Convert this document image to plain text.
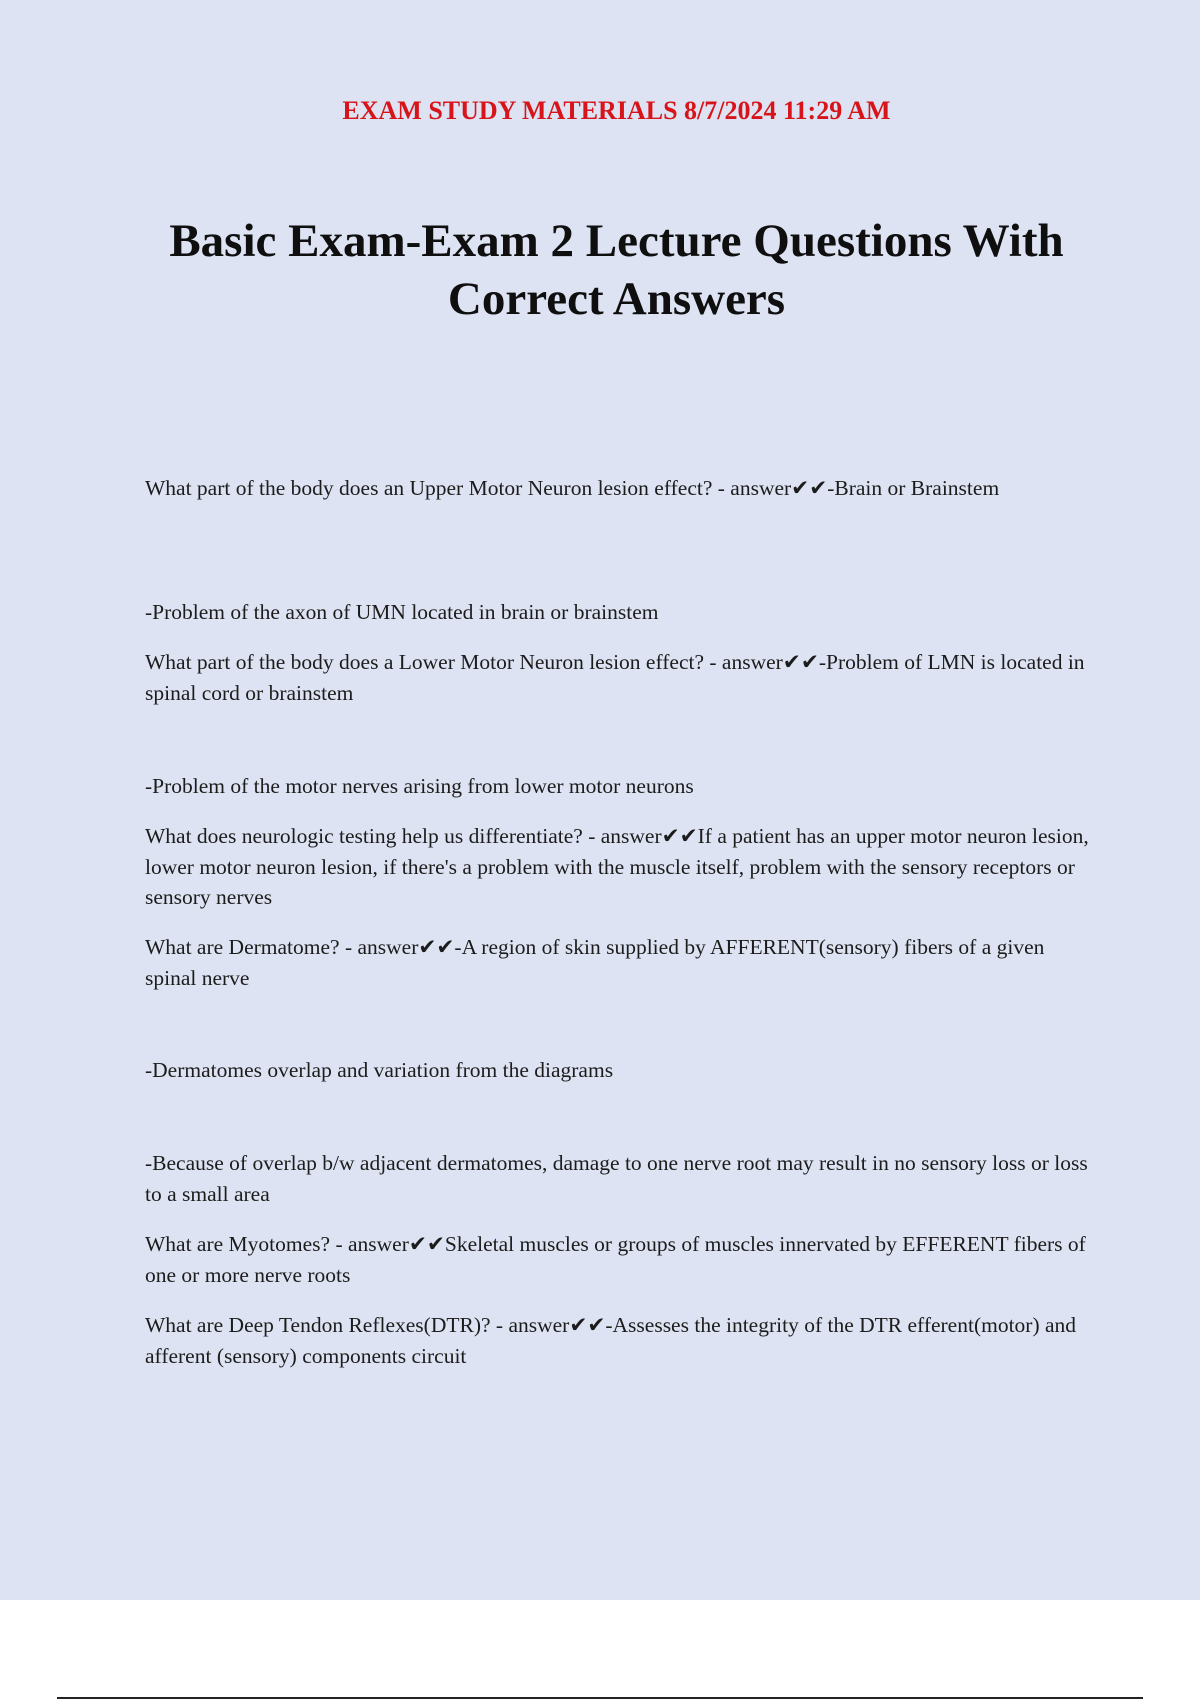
EXAM STUDY MATERIALS 8/7/2024 11:29 AM
Basic Exam-Exam 2 Lecture Questions With Correct Answers

What part of the body does an Upper Motor Neuron lesion effect? - answer✔✔-Brain or Brainstem

-Problem of the axon of UMN located in brain or brainstem

What part of the body does a Lower Motor Neuron lesion effect? - answer✔✔-Problem of LMN is located in spinal cord or brainstem

-Problem of the motor nerves arising from lower motor neurons

What does neurologic testing help us differentiate? - answer✔✔If a patient has an upper motor neuron lesion, lower motor neuron lesion, if there's a problem with the muscle itself, problem with the sensory receptors or sensory nerves

What are Dermatome? - answer✔✔-A region of skin supplied by AFFERENT(sensory) fibers of a given spinal nerve

-Dermatomes overlap and variation from the diagrams

-Because of overlap b/w adjacent dermatomes, damage to one nerve root may result in no sensory loss or loss to a small area

What are Myotomes? - answer✔✔Skeletal muscles or groups of muscles innervated by EFFERENT fibers of one or more nerve roots

What are Deep Tendon Reflexes(DTR)? - answer✔✔-Assesses the integrity of the DTR efferent(motor) and afferent (sensory) components circuit
